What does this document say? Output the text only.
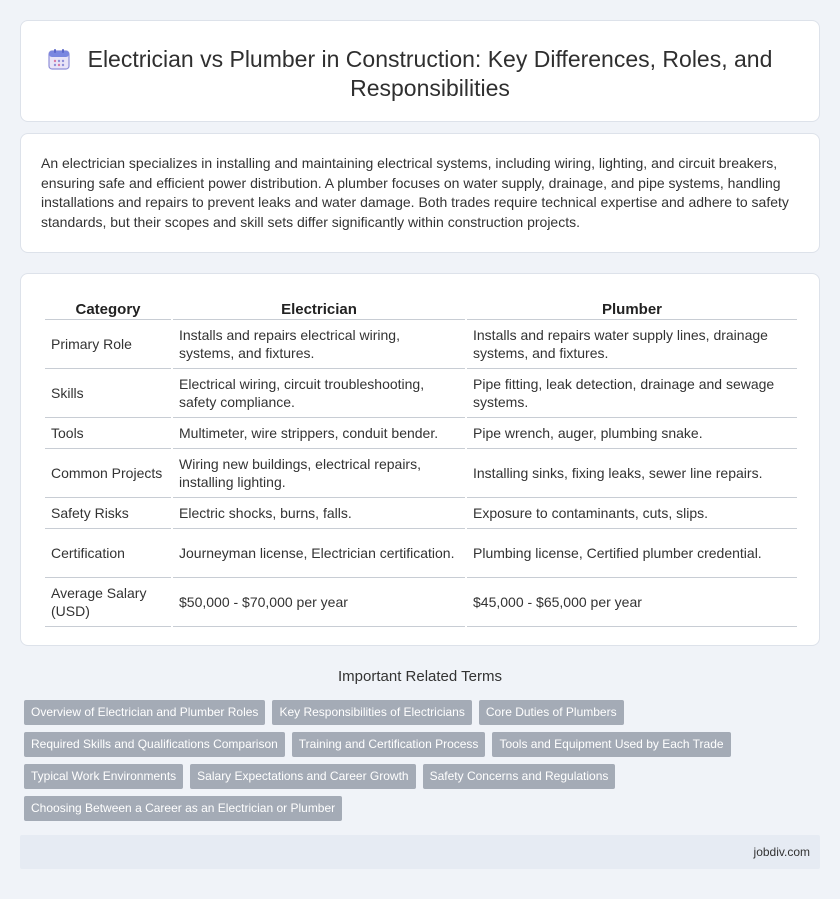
Electrician vs Plumber in Construction: Key Differences, Roles, and Responsibilities

An electrician specializes in installing and maintaining electrical systems, including wiring, lighting, and circuit breakers, ensuring safe and efficient power distribution. A plumber focuses on water supply, drainage, and pipe systems, handling installations and repairs to prevent leaks and water damage. Both trades require technical expertise and adhere to safety standards, but their scopes and skill sets differ significantly within construction projects.

Category	Electrician	Plumber
Primary Role	Installs and repairs electrical wiring, systems, and fixtures.	Installs and repairs water supply lines, drainage systems, and fixtures.
Skills	Electrical wiring, circuit troubleshooting, safety compliance.	Pipe fitting, leak detection, drainage and sewage systems.
Tools	Multimeter, wire strippers, conduit bender.	Pipe wrench, auger, plumbing snake.
Common Projects	Wiring new buildings, electrical repairs, installing lighting.	Installing sinks, fixing leaks, sewer line repairs.
Safety Risks	Electric shocks, burns, falls.	Exposure to contaminants, cuts, slips.
Certification	Journeyman license, Electrician certification.	Plumbing license, Certified plumber credential.
Average Salary (USD)	$50,000 - $70,000 per year	$45,000 - $65,000 per year
Important Related Terms
Overview of Electrician and Plumber Roles	Key Responsibilities of Electricians	Core Duties of Plumbers
Required Skills and Qualifications Comparison	Training and Certification Process	Tools and Equipment Used by Each Trade
Typical Work Environments	Salary Expectations and Career Growth	Safety Concerns and Regulations
Choosing Between a Career as an Electrician or Plumber
jobdiv.com
